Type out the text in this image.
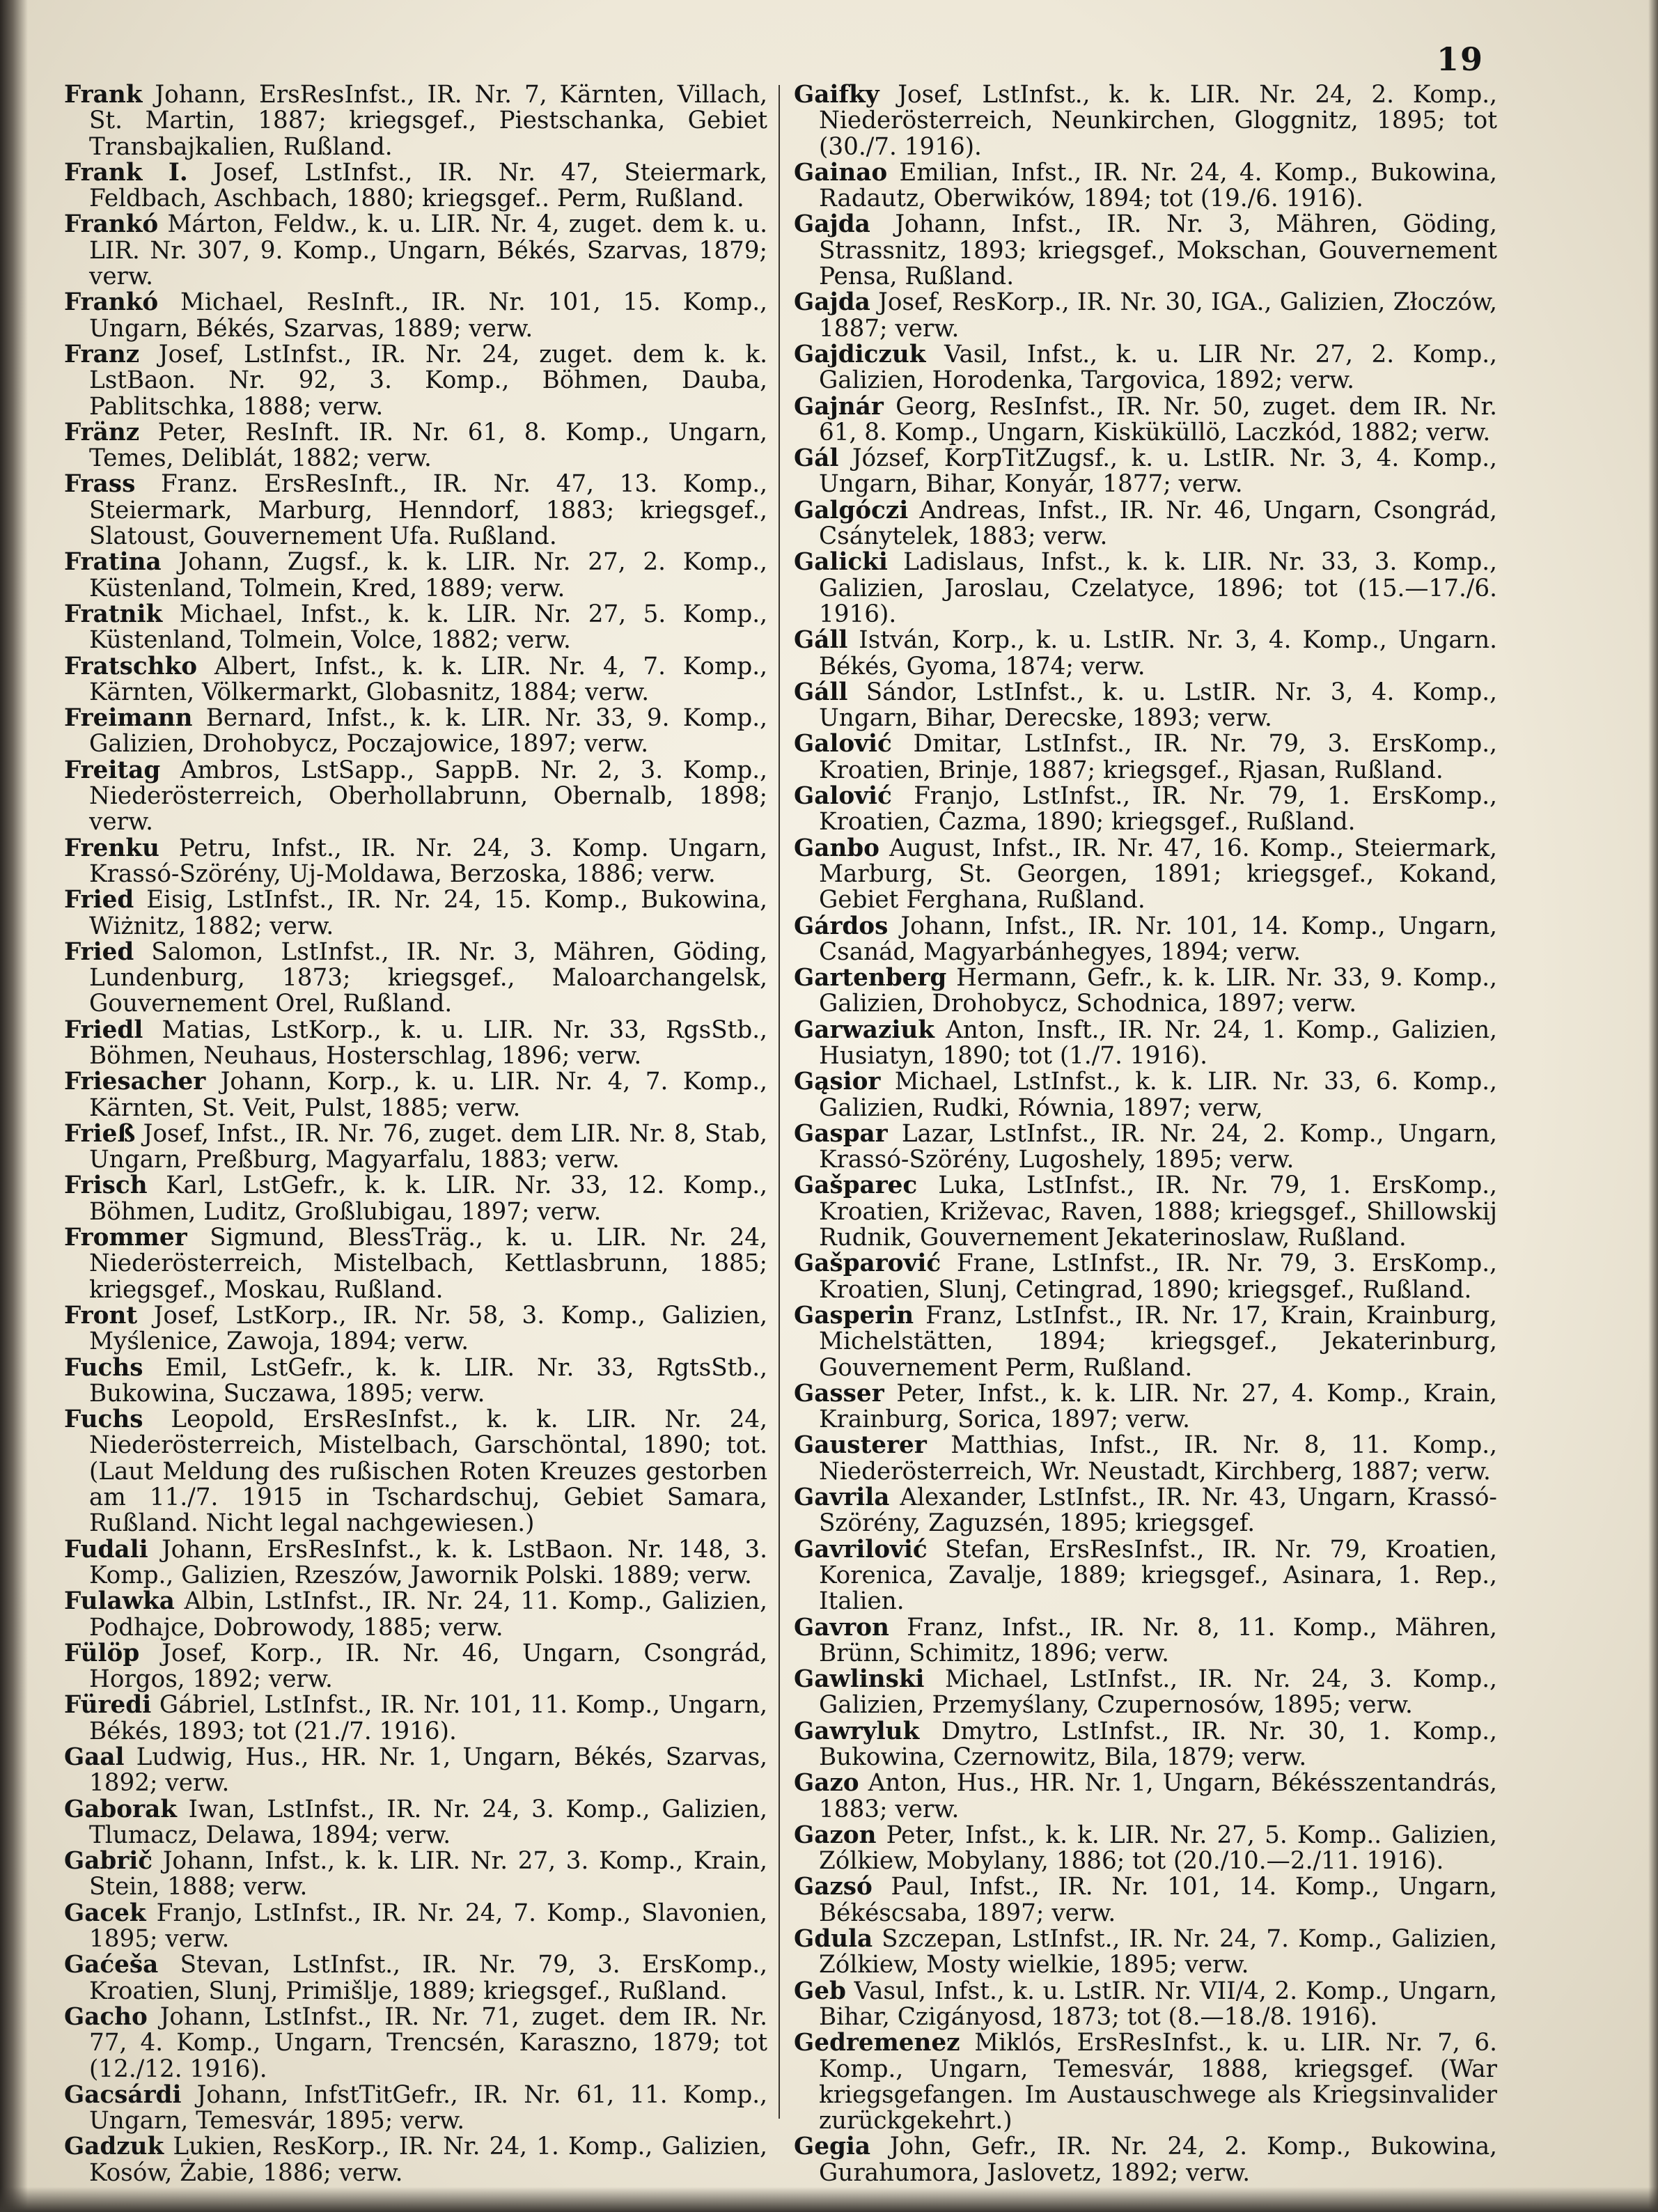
19

Frank Johann, ErsResInfst., IR. Nr. 7, Kärnten, Villach, St. Martin, 1887; kriegsgef., Piestschanka, Gebiet Transbajkalien, Rußland.

Frank I. Josef, LstInfst., IR. Nr. 47, Steiermark, Feldbach, Aschbach, 1880; kriegsgef.. Perm, Rußland.

Frankó Márton, Feldw., k. u. LIR. Nr. 4, zuget. dem k. u. LIR. Nr. 307, 9. Komp., Ungarn, Békés, Szarvas, 1879; verw.

Frankó Michael, ResInft., IR. Nr. 101, 15. Komp., Ungarn, Békés, Szarvas, 1889; verw.

Franz Josef, LstInfst., IR. Nr. 24, zuget. dem k. k. LstBaon. Nr. 92, 3. Komp., Böhmen, Dauba, Pablitschka, 1888; verw.

Fränz Peter, ResInft. IR. Nr. 61, 8. Komp., Ungarn, Temes, Deliblát, 1882; verw.

Frass Franz. ErsResInft., IR. Nr. 47, 13. Komp., Steiermark, Marburg, Henndorf, 1883; kriegsgef., Slatoust, Gouvernement Ufa. Rußland.

Fratina Johann, Zugsf., k. k. LIR. Nr. 27, 2. Komp., Küstenland, Tolmein, Kred, 1889; verw.

Fratnik Michael, Infst., k. k. LIR. Nr. 27, 5. Komp., Küstenland, Tolmein, Volce, 1882; verw.

Fratschko Albert, Infst., k. k. LIR. Nr. 4, 7. Komp., Kärnten, Völkermarkt, Globasnitz, 1884; verw.

Freimann Bernard, Infst., k. k. LIR. Nr. 33, 9. Komp., Galizien, Drohobycz, Poczajowice, 1897; verw.

Freitag Ambros, LstSapp., SappB. Nr. 2, 3. Komp., Niederösterreich, Oberhollabrunn, Obernalb, 1898; verw.

Frenku Petru, Infst., IR. Nr. 24, 3. Komp. Ungarn, Krassó-Szörény, Uj-Moldawa, Berzoska, 1886; verw.

Fried Eisig, LstInfst., IR. Nr. 24, 15. Komp., Bukowina, Wiżnitz, 1882; verw.

Fried Salomon, LstInfst., IR. Nr. 3, Mähren, Göding, Lundenburg, 1873; kriegsgef., Maloarchangelsk, Gouvernement Orel, Rußland.

Friedl Matias, LstKorp., k. u. LIR. Nr. 33, RgsStb., Böhmen, Neuhaus, Hosterschlag, 1896; verw.

Friesacher Johann, Korp., k. u. LIR. Nr. 4, 7. Komp., Kärnten, St. Veit, Pulst, 1885; verw.

Frieß Josef, Infst., IR. Nr. 76, zuget. dem LIR. Nr. 8, Stab, Ungarn, Preßburg, Magyarfalu, 1883; verw.

Frisch Karl, LstGefr., k. k. LIR. Nr. 33, 12. Komp., Böhmen, Luditz, Großlubigau, 1897; verw.

Frommer Sigmund, BlessTräg., k. u. LIR. Nr. 24, Niederösterreich, Mistelbach, Kettlasbrunn, 1885; kriegsgef., Moskau, Rußland.

Front Josef, LstKorp., IR. Nr. 58, 3. Komp., Galizien, Myślenice, Zawoja, 1894; verw.

Fuchs Emil, LstGefr., k. k. LIR. Nr. 33, RgtsStb., Bukowina, Suczawa, 1895; verw.

Fuchs Leopold, ErsResInfst., k. k. LIR. Nr. 24, Niederösterreich, Mistelbach, Garschöntal, 1890; tot. (Laut Meldung des rußischen Roten Kreuzes gestorben am 11./7. 1915 in Tschardschuj, Gebiet Samara, Rußland. Nicht legal nachgewiesen.)

Fudali Johann, ErsResInfst., k. k. LstBaon. Nr. 148, 3. Komp., Galizien, Rzeszów, Jawornik Polski. 1889; verw.

Fulawka Albin, LstInfst., IR. Nr. 24, 11. Komp., Galizien, Podhajce, Dobrowody, 1885; verw.

Fülöp Josef, Korp., IR. Nr. 46, Ungarn, Csongrád, Horgos, 1892; verw.

Füredi Gábriel, LstInfst., IR. Nr. 101, 11. Komp., Ungarn, Békés, 1893; tot (21./7. 1916).

Gaal Ludwig, Hus., HR. Nr. 1, Ungarn, Békés, Szarvas, 1892; verw.

Gaborak Iwan, LstInfst., IR. Nr. 24, 3. Komp., Galizien, Tlumacz, Delawa, 1894; verw.

Gabrič Johann, Infst., k. k. LIR. Nr. 27, 3. Komp., Krain, Stein, 1888; verw.

Gacek Franjo, LstInfst., IR. Nr. 24, 7. Komp., Slavonien, 1895; verw.

Gaćeša Stevan, LstInfst., IR. Nr. 79, 3. ErsKomp., Kroatien, Slunj, Primišlje, 1889; kriegsgef., Rußland.

Gacho Johann, LstInfst., IR. Nr. 71, zuget. dem IR. Nr. 77, 4. Komp., Ungarn, Trencsén, Karaszno, 1879; tot (12./12. 1916).

Gacsárdi Johann, InfstTitGefr., IR. Nr. 61, 11. Komp., Ungarn, Temesvár, 1895; verw.

Gadzuk Lukien, ResKorp., IR. Nr. 24, 1. Komp., Galizien, Kosów, Żabie, 1886; verw.

Gaifky Josef, LstInfst., k. k. LIR. Nr. 24, 2. Komp., Niederösterreich, Neunkirchen, Gloggnitz, 1895; tot (30./7. 1916).

Gainao Emilian, Infst., IR. Nr. 24, 4. Komp., Bukowina, Radautz, Oberwików, 1894; tot (19./6. 1916).

Gajda Johann, Infst., IR. Nr. 3, Mähren, Göding, Strassnitz, 1893; kriegsgef., Mokschan, Gouvernement Pensa, Rußland.

Gajda Josef, ResKorp., IR. Nr. 30, IGA., Galizien, Złoczów, 1887; verw.

Gajdiczuk Vasil, Infst., k. u. LIR Nr. 27, 2. Komp., Galizien, Horodenka, Targovica, 1892; verw.

Gajnár Georg, ResInfst., IR. Nr. 50, zuget. dem IR. Nr. 61, 8. Komp., Ungarn, Kisküküllö, Laczkód, 1882; verw.

Gál József, KorpTitZugsf., k. u. LstIR. Nr. 3, 4. Komp., Ungarn, Bihar, Konyár, 1877; verw.

Galgóczi Andreas, Infst., IR. Nr. 46, Ungarn, Csongrád, Csánytelek, 1883; verw.

Galicki Ladislaus, Infst., k. k. LIR. Nr. 33, 3. Komp., Galizien, Jaroslau, Czelatyce, 1896; tot (15.—17./6. 1916).

Gáll István, Korp., k. u. LstIR. Nr. 3, 4. Komp., Ungarn. Békés, Gyoma, 1874; verw.

Gáll Sándor, LstInfst., k. u. LstIR. Nr. 3, 4. Komp., Ungarn, Bihar, Derecske, 1893; verw.

Galović Dmitar, LstInfst., IR. Nr. 79, 3. ErsKomp., Kroatien, Brinje, 1887; kriegsgef., Rjasan, Rußland.

Galović Franjo, LstInfst., IR. Nr. 79, 1. ErsKomp., Kroatien, Ćazma, 1890; kriegsgef., Rußland.

Ganbo August, Infst., IR. Nr. 47, 16. Komp., Steiermark, Marburg, St. Georgen, 1891; kriegsgef., Kokand, Gebiet Ferghana, Rußland.

Gárdos Johann, Infst., IR. Nr. 101, 14. Komp., Ungarn, Csanád, Magyarbánhegyes, 1894; verw.

Gartenberg Hermann, Gefr., k. k. LIR. Nr. 33, 9. Komp., Galizien, Drohobycz, Schodnica, 1897; verw.

Garwaziuk Anton, Insft., IR. Nr. 24, 1. Komp., Galizien, Husiatyn, 1890; tot (1./7. 1916).

Gąsior Michael, LstInfst., k. k. LIR. Nr. 33, 6. Komp., Galizien, Rudki, Równia, 1897; verw,

Gaspar Lazar, LstInfst., IR. Nr. 24, 2. Komp., Ungarn, Krassó-Szörény, Lugoshely, 1895; verw.

Gašparec Luka, LstInfst., IR. Nr. 79, 1. ErsKomp., Kroatien, Križevac, Raven, 1888; kriegsgef., Shillowskij Rudnik, Gouvernement Jekaterinoslaw, Rußland.

Gašparović Frane, LstInfst., IR. Nr. 79, 3. ErsKomp., Kroatien, Slunj, Cetingrad, 1890; kriegsgef., Rußland.

Gasperin Franz, LstInfst., IR. Nr. 17, Krain, Krainburg, Michelstätten, 1894; kriegsgef., Jekaterinburg, Gouvernement Perm, Rußland.

Gasser Peter, Infst., k. k. LIR. Nr. 27, 4. Komp., Krain, Krainburg, Sorica, 1897; verw.

Gausterer Matthias, Infst., IR. Nr. 8, 11. Komp., Niederösterreich, Wr. Neustadt, Kirchberg, 1887; verw.

Gavrila Alexander, LstInfst., IR. Nr. 43, Ungarn, Krassó-Szörény, Zaguzsén, 1895; kriegsgef.

Gavrilović Stefan, ErsResInfst., IR. Nr. 79, Kroatien, Korenica, Zavalje, 1889; kriegsgef., Asinara, 1. Rep., Italien.

Gavron Franz, Infst., IR. Nr. 8, 11. Komp., Mähren, Brünn, Schimitz, 1896; verw.

Gawlinski Michael, LstInfst., IR. Nr. 24, 3. Komp., Galizien, Przemyślany, Czupernosów, 1895; verw.

Gawryluk Dmytro, LstInfst., IR. Nr. 30, 1. Komp., Bukowina, Czernowitz, Bila, 1879; verw.

Gazo Anton, Hus., HR. Nr. 1, Ungarn, Békésszentandrás, 1883; verw.

Gazon Peter, Infst., k. k. LIR. Nr. 27, 5. Komp.. Galizien, Zólkiew, Mobylany, 1886; tot (20./10.—2./11. 1916).

Gazsó Paul, Infst., IR. Nr. 101, 14. Komp., Ungarn, Békéscsaba, 1897; verw.

Gdula Szczepan, LstInfst., IR. Nr. 24, 7. Komp., Galizien, Zólkiew, Mosty wielkie, 1895; verw.

Geb Vasul, Infst., k. u. LstIR. Nr. VII/4, 2. Komp., Ungarn, Bihar, Czigányosd, 1873; tot (8.—18./8. 1916).

Gedremenez Miklós, ErsResInfst., k. u. LIR. Nr. 7, 6. Komp., Ungarn, Temesvár, 1888, kriegsgef. (War kriegsgefangen. Im Austauschwege als Kriegsinvalider zurückgekehrt.)

Gegia John, Gefr., IR. Nr. 24, 2. Komp., Bukowina, Gurahumora, Jaslovetz, 1892; verw.
